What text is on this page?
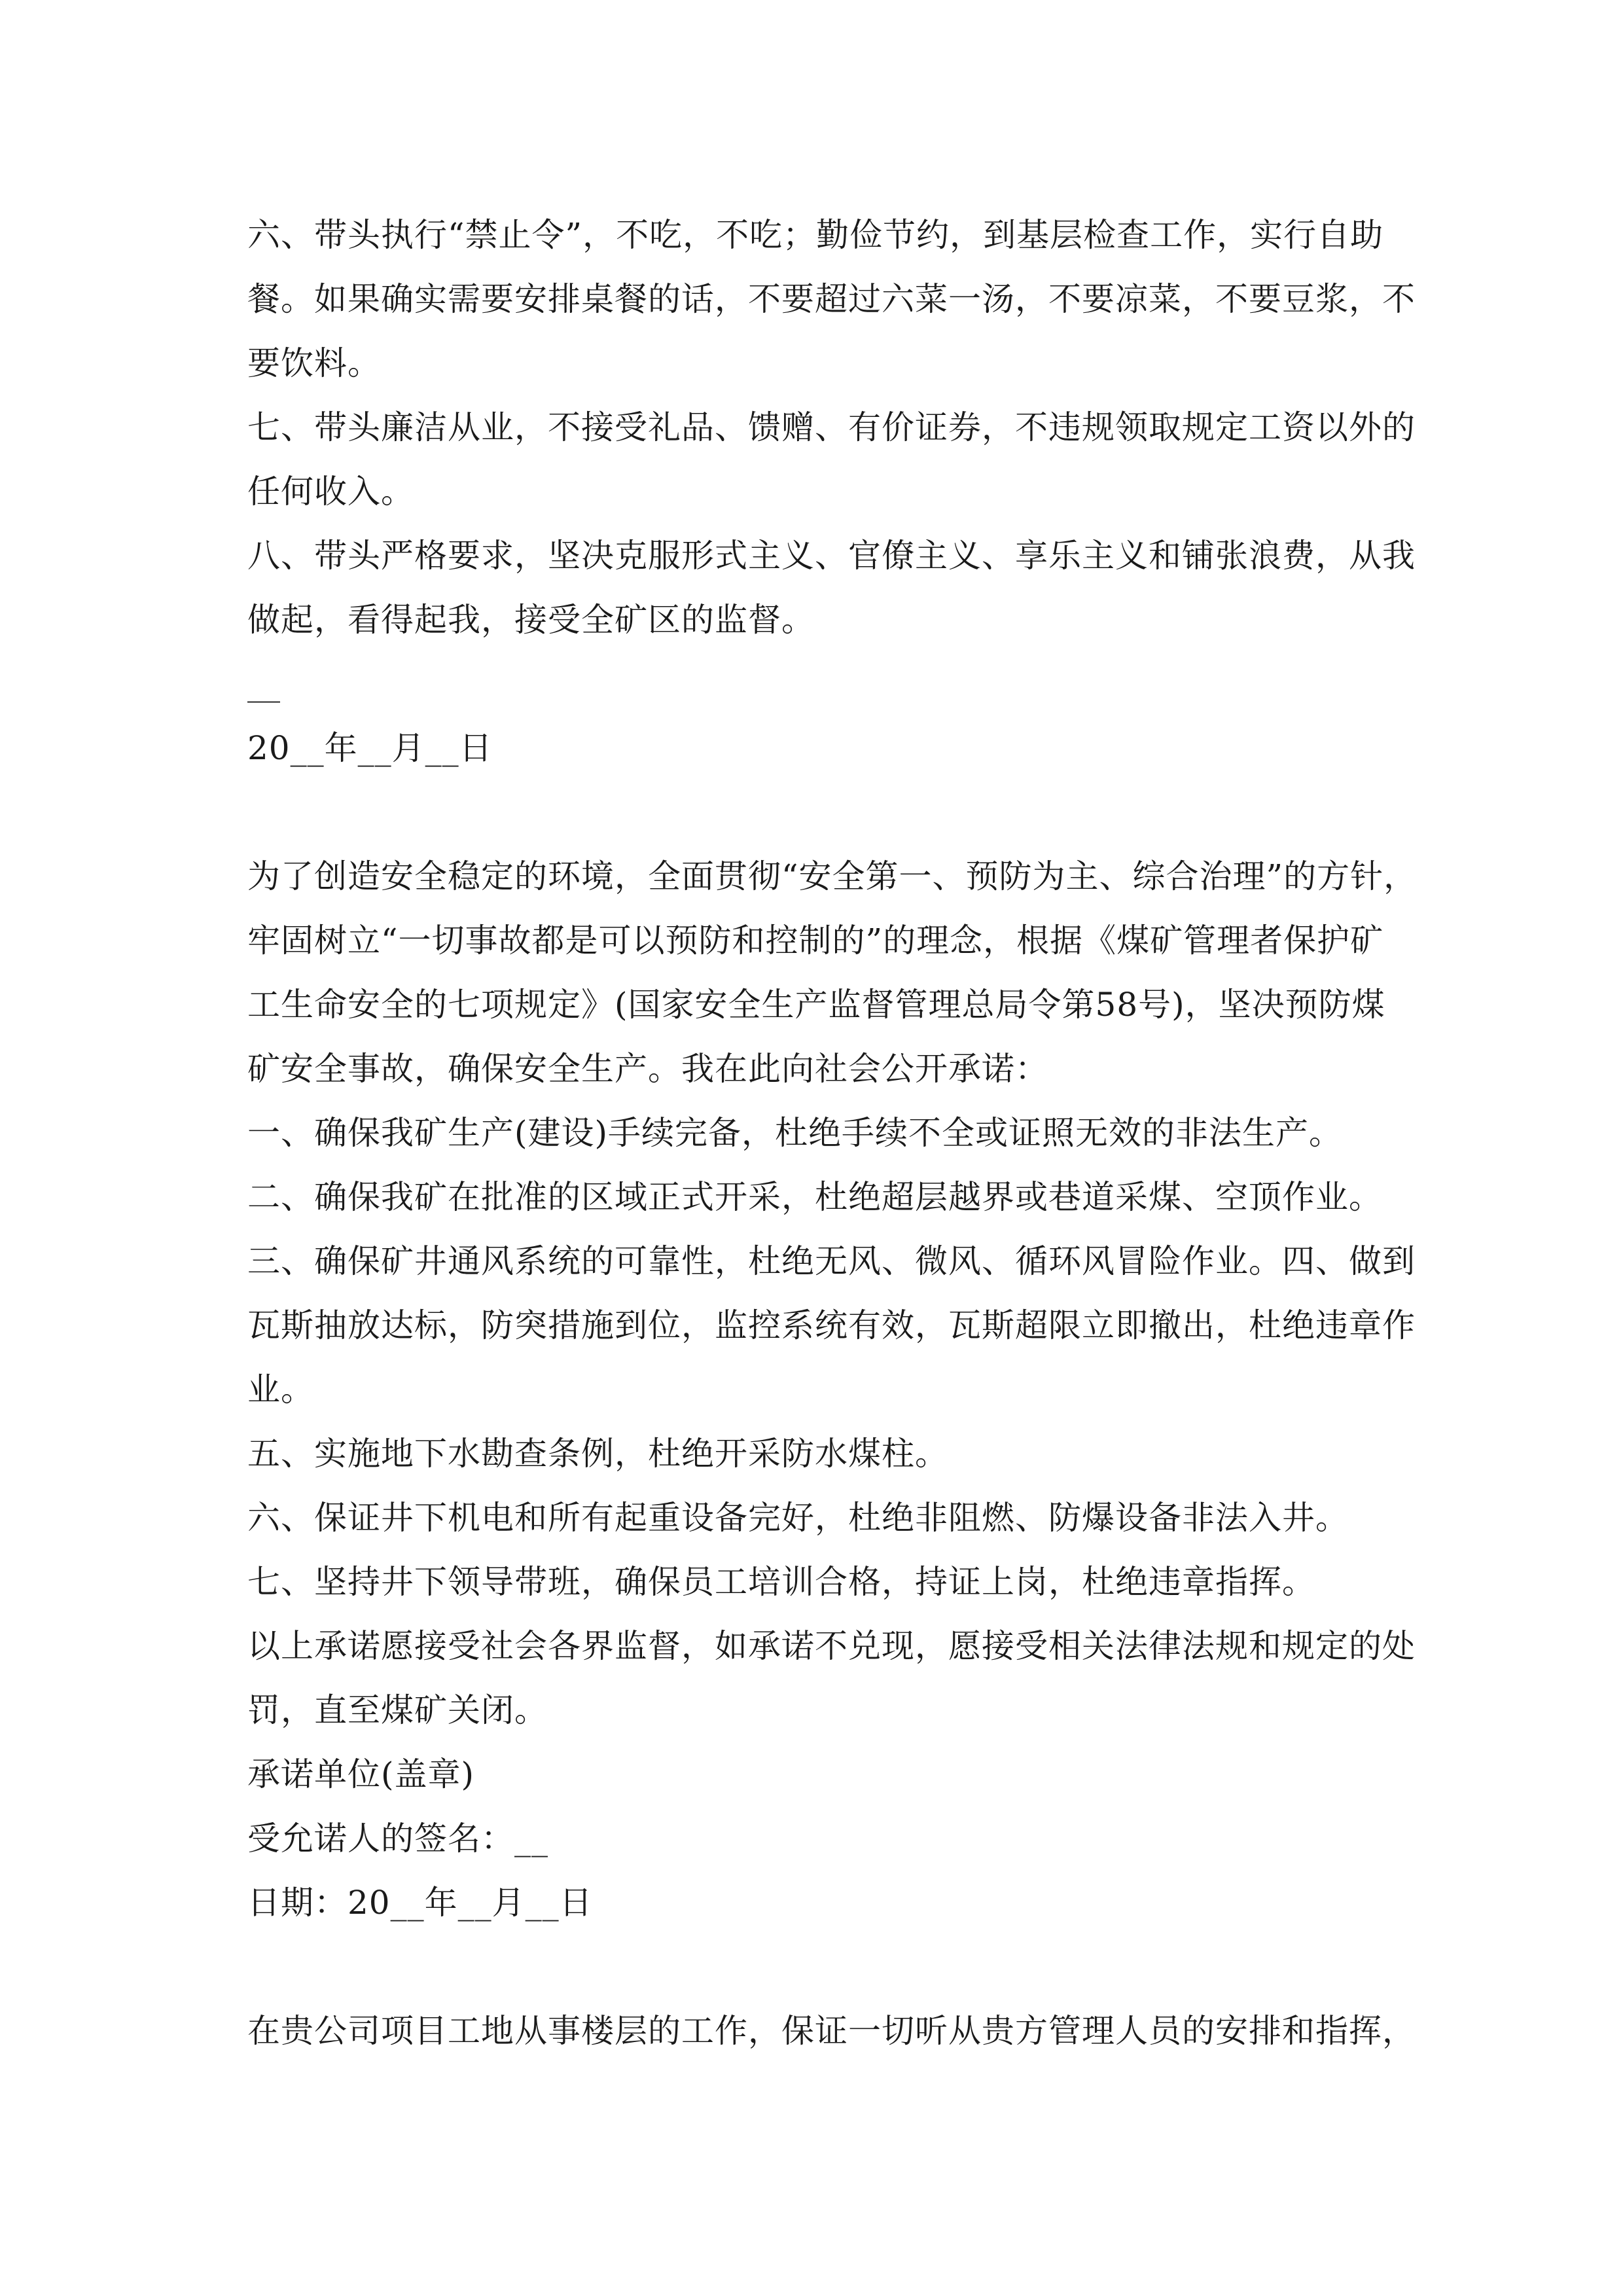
六、带头执行“禁止令”，不吃，不吃；勤俭节约，到基层检查工作，实行自助
餐。如果确实需要安排桌餐的话，不要超过六菜一汤，不要凉菜，不要豆浆，不
要饮料。
七、带头廉洁从业，不接受礼品、馈赠、有价证券，不违规领取规定工资以外的
任何收入。
八、带头严格要求，坚决克服形式主义、官僚主义、享乐主义和铺张浪费，从我
做起，看得起我，接受全矿区的监督。
__
20__年__月__日
为了创造安全稳定的环境，全面贯彻“安全第一、预防为主、综合治理”的方针，
牢固树立“一切事故都是可以预防和控制的”的理念，根据《煤矿管理者保护矿
工生命安全的七项规定》(国家安全生产监督管理总局令第58号)，坚决预防煤
矿安全事故，确保安全生产。我在此向社会公开承诺：
一、确保我矿生产(建设)手续完备，杜绝手续不全或证照无效的非法生产。
二、确保我矿在批准的区域正式开采，杜绝超层越界或巷道采煤、空顶作业。
三、确保矿井通风系统的可靠性，杜绝无风、微风、循环风冒险作业。四、做到
瓦斯抽放达标，防突措施到位，监控系统有效，瓦斯超限立即撤出，杜绝违章作
业。
五、实施地下水勘查条例，杜绝开采防水煤柱。
六、保证井下机电和所有起重设备完好，杜绝非阻燃、防爆设备非法入井。
七、坚持井下领导带班，确保员工培训合格，持证上岗，杜绝违章指挥。
以上承诺愿接受社会各界监督，如承诺不兑现，愿接受相关法律法规和规定的处
罚，直至煤矿关闭。
承诺单位(盖章)
受允诺人的签名：__
日期：20__年__月__日
在贵公司项目工地从事楼层的工作，保证一切听从贵方管理人员的安排和指挥，
